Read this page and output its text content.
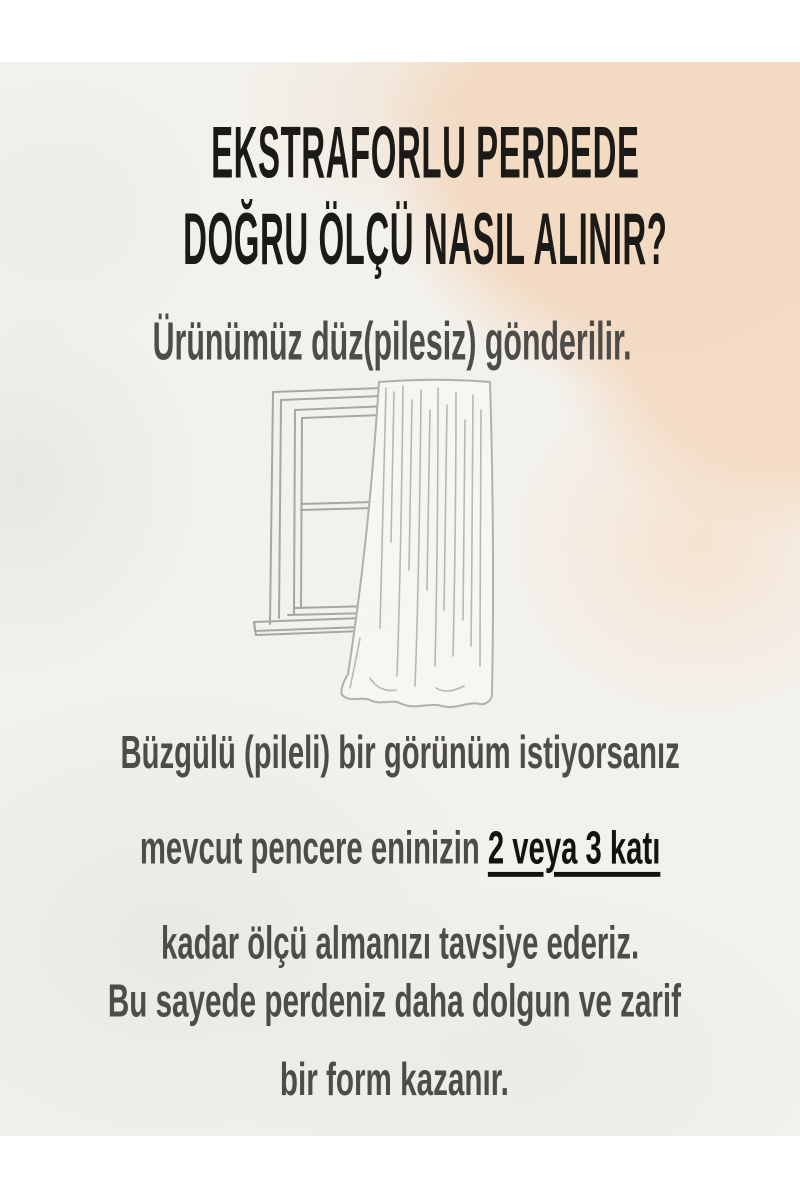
EKSTRAFORLU PERDEDE
DOĞRU ÖLÇÜ NASIL ALINIR?
Ürünümüz düz(pilesiz) gönderilir.
Büzgülü (pileli) bir görünüm istiyorsanız
mevcut pencere eninizin 2 veya 3 katı
kadar ölçü almanızı tavsiye ederiz.
Bu sayede perdeniz daha dolgun ve zarif
bir form kazanır.
